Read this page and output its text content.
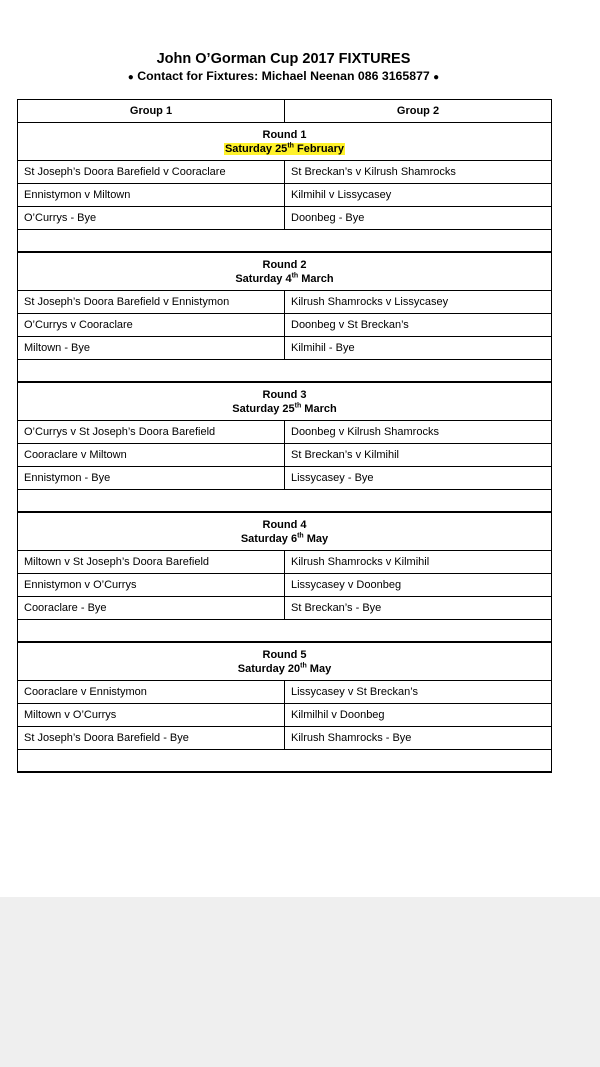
John O’Gorman Cup 2017 FIXTURES
● Contact for Fixtures: Michael Neenan 086 3165877 ●
Group 1	Group 2

Round 1
Saturday 25th February	

St Joseph’s Doora Barefield v Cooraclare	St Breckan’s v Kilrush Shamrocks
Ennistymon v Miltown	Kilmihil v Lissycasey
O’Currys - Bye	Doonbeg - Bye

Round 2
Saturday 4th March	

St Joseph’s Doora Barefield v Ennistymon	Kilrush Shamrocks v Lissycasey
O’Currys v Cooraclare	Doonbeg v St Breckan’s
Miltown - Bye	Kilmihil - Bye

Round 3
Saturday 25th March	

O’Currys v St Joseph’s Doora Barefield	Doonbeg v Kilrush Shamrocks
Cooraclare v Miltown	St Breckan’s v Kilmihil
Ennistymon - Bye	Lissycasey - Bye

Round 4
Saturday 6th May	

Miltown v St Joseph’s Doora Barefield	Kilrush Shamrocks v Kilmihil
Ennistymon v O’Currys	Lissycasey v Doonbeg
Cooraclare - Bye	St Breckan’s - Bye

Round 5
Saturday 20th May	

Cooraclare v Ennistymon	Lissycasey v St Breckan’s
Miltown v O’Currys	Kilmilhil v Doonbeg
St Joseph’s Doora Barefield - Bye	Kilrush Shamrocks - Bye
